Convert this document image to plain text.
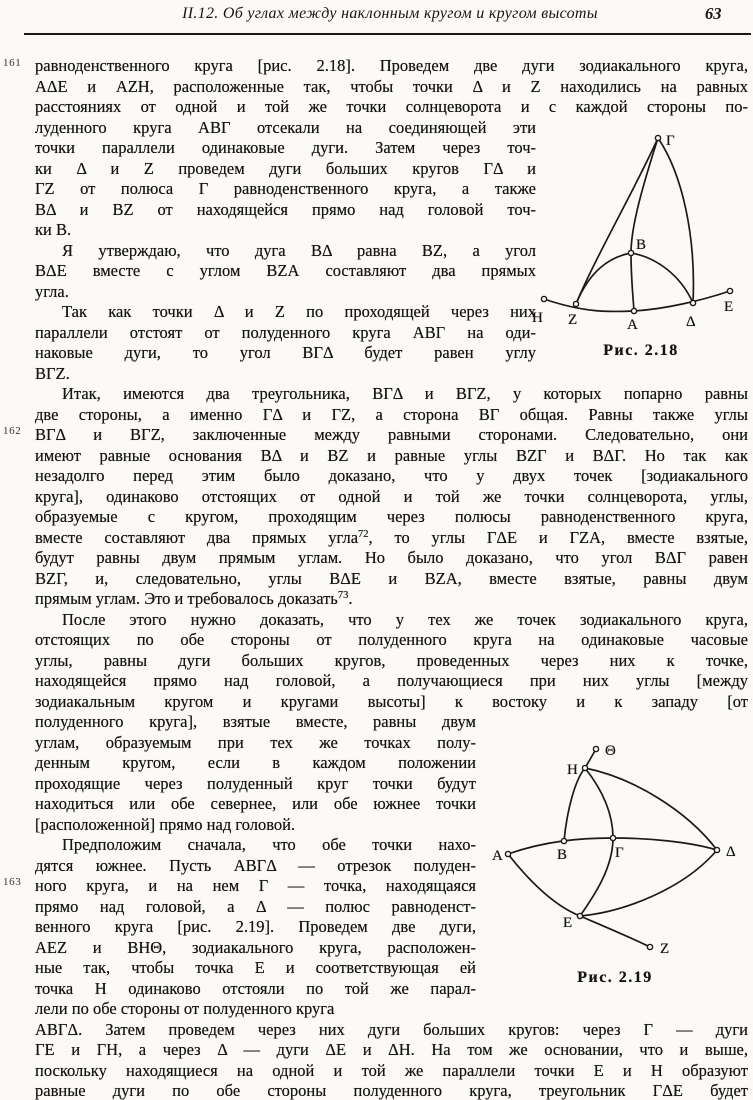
II.12. Об углах между наклонным кругом и кругом высоты	63
161
162
163
равноденственного круга [рис. 2.18]. Проведем две дуги зодиакального круга,
АΔЕ и АZН, расположенные так, чтобы точки Δ и Z находились на равных
расстояниях от одной и той же точки солнцеворота и с каждой стороны по-
луденного круга АВГ отсекали на соединяющей эти
точки параллели одинаковые дуги. Затем через точ-
ки Δ и Z проведем дуги больших кругов ГΔ и
ГZ от полюса Г равноденственного круга, а также
ВΔ и ВZ от находящейся прямо над головой точ-
ки В.
Я утверждаю, что дуга ВΔ равна ВZ, а угол
ВΔЕ вместе с углом ВZА составляют два прямых
угла.
Так как точки Δ и Z по проходящей через них
параллели отстоят от полуденного круга АВГ на оди-
наковые дуги, то угол ВГΔ будет равен углу
ВГZ.
Итак, имеются два треугольника, ВГΔ и ВГZ, у которых попарно равны
две стороны, а именно ГΔ и ГZ, а сторона ВГ общая. Равны также углы
ВГΔ и ВГZ, заключенные между равными сторонами. Следовательно, они
имеют равные основания ВΔ и ВZ и равные углы ВZГ и ВΔГ. Но так как
незадолго перед этим было доказано, что у двух точек [зодиакального
круга], одинаково отстоящих от одной и той же точки солнцеворота, углы,
образуемые с кругом, проходящим через полюсы равноденственного круга,
вместе составляют два прямых угла$^{72}$, то углы ГΔЕ и ГZА, вместе взятые,
будут равны двум прямым углам. Но было доказано, что угол ВΔГ равен
ВZГ, и, следовательно, углы ВΔЕ и ВZА, вместе взятые, равны двум
прямым углам. Это и требовалось доказать$^{73}$.
После этого нужно доказать, что у тех же точек зодиакального круга,
отстоящих по обе стороны от полуденного круга на одинаковые часовые
углы, равны дуги больших кругов, проведенных через них к точке,
находящейся прямо над головой, а получающиеся при них углы [между
зодиакальным кругом и кругами высоты] к востоку и к западу [от
полуденного круга], взятые вместе, равны двум
углам, образуемым при тех же точках полу-
денным кругом, если в каждом положении
проходящие через полуденный круг точки будут
находиться или обе севернее, или обе южнее точки
[расположенной] прямо над головой.
Предположим сначала, что обе точки нахо-
дятся южнее. Пусть АВГΔ — отрезок полуден-
ного круга, и на нем Г — точка, находящаяся
прямо над головой, а Δ — полюс равноденст-
венного круга [рис. 2.19]. Проведем две дуги,
АЕZ и ВНΘ, зодиакального круга, расположен-
ные так, чтобы точка Е и соответствующая ей
точка Н одинаково отстояли по той же парал-
лели по обе стороны от полуденного круга
АВГΔ. Затем проведем через них дуги больших кругов: через Г — дуги
ГЕ и ГН, а через Δ — дуги ΔЕ и ΔН. На том же основании, что и выше,
поскольку находящиеся на одной и той же параллели точки Е и Н образуют
равные дуги по обе стороны полуденного круга, треугольник ГΔЕ будет
Γ
В
Н Z	А	Δ
Е
Рис. 2.18
Θ
Н
В	Γ
А	Δ
Е
Z
Рис. 2.19
